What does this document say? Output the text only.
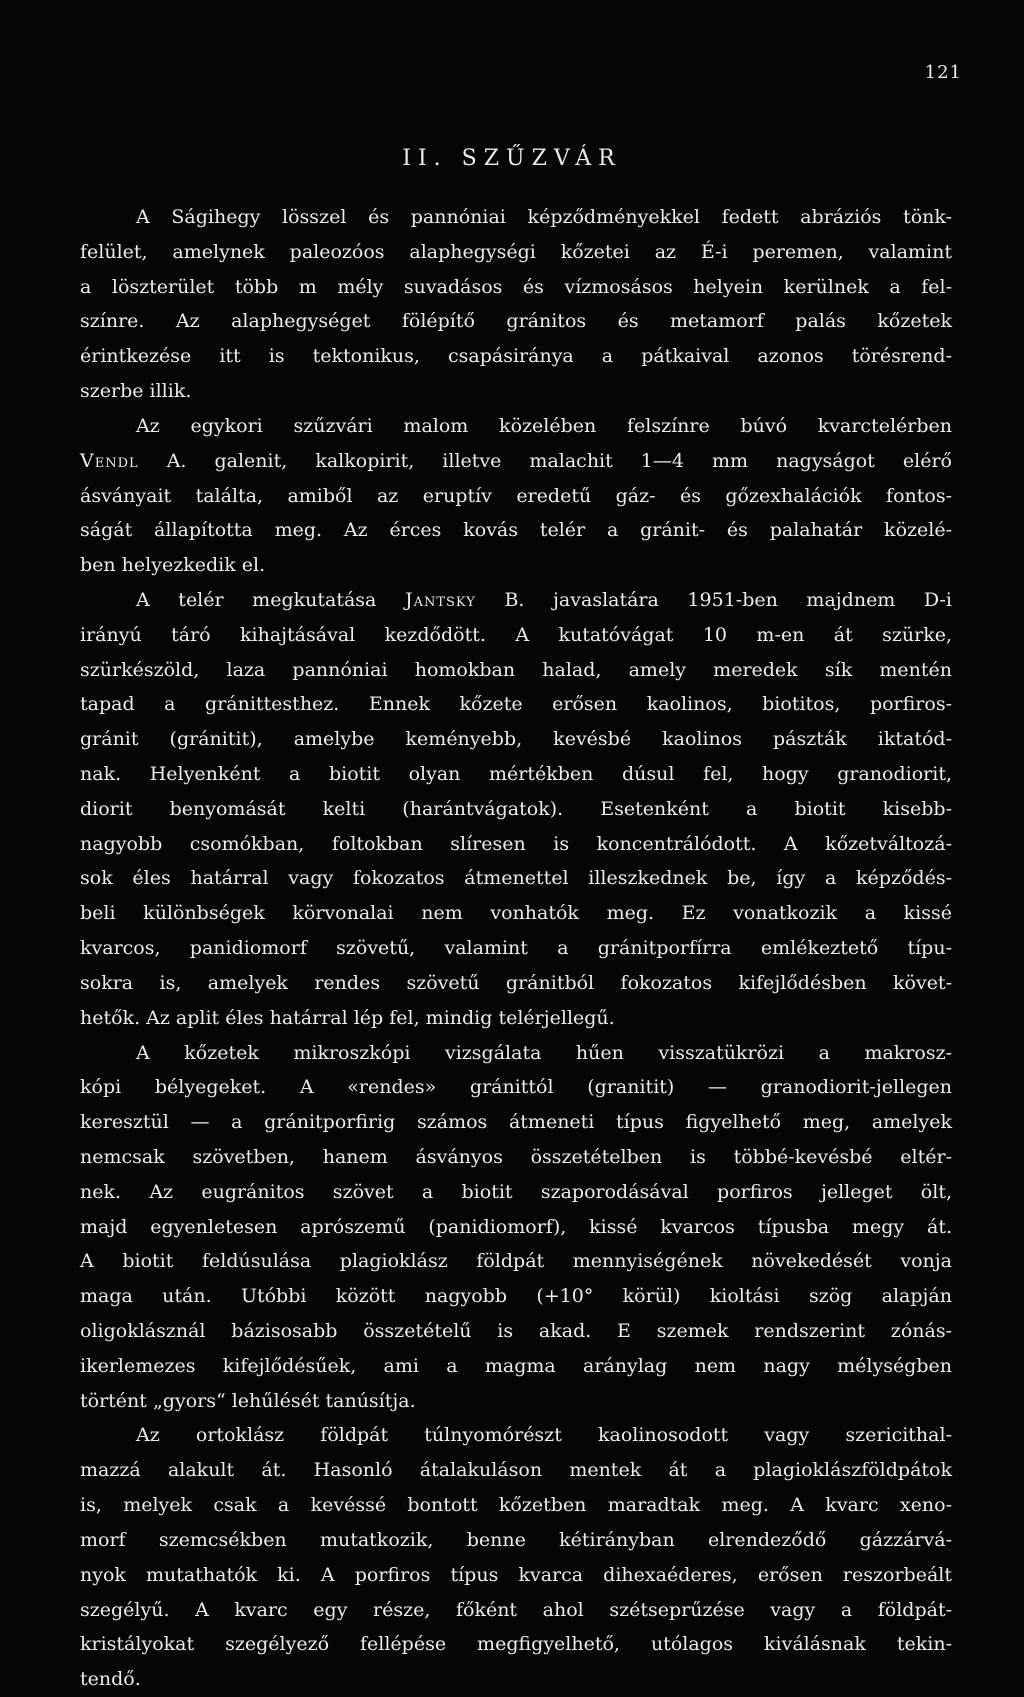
121
II. SZŰZVÁR
A Ságihegy lösszel és pannóniai képződményekkel fedett abráziós tönk-
felület, amelynek paleozóos alaphegységi kőzetei az É-i peremen, valamint
a löszterület több m mély suvadásos és vízmosásos helyein kerülnek a fel-
színre. Az alaphegységet fölépítő gránitos és metamorf palás kőzetek
érintkezése itt is tektonikus, csapásiránya a pátkaival azonos törésrend-
szerbe illik.
Az egykori szűzvári malom közelében felszínre búvó kvarctelérben
Vendl A. galenit, kalkopirit, illetve malachit 1—4 mm nagyságot elérő
ásványait találta, amiből az eruptív eredetű gáz- és gőzexhalációk fontos-
ságát állapította meg. Az érces kovás telér a gránit- és palahatár közelé-
ben helyezkedik el.
A telér megkutatása Jantsky B. javaslatára 1951-ben majdnem D-i
irányú táró kihajtásával kezdődött. A kutatóvágat 10 m-en át szürke,
szürkészöld, laza pannóniai homokban halad, amely meredek sík mentén
tapad a gránittesthez. Ennek kőzete erősen kaolinos, biotitos, porfiros-
gránit (gránitit), amelybe keményebb, kevésbé kaolinos pászták iktatód-
nak. Helyenként a biotit olyan mértékben dúsul fel, hogy granodiorit,
diorit benyomását kelti (harántvágatok). Esetenként a biotit kisebb-
nagyobb csomókban, foltokban slíresen is koncentrálódott. A kőzetváltozá-
sok éles határral vagy fokozatos átmenettel illeszkednek be, így a képződés-
beli különbségek körvonalai nem vonhatók meg. Ez vonatkozik a kissé
kvarcos, panidiomorf szövetű, valamint a gránitporfírra emlékeztető típu-
sokra is, amelyek rendes szövetű gránitból fokozatos kifejlődésben követ-
hetők. Az aplit éles határral lép fel, mindig telérjellegű.
A kőzetek mikroszkópi vizsgálata hűen visszatükrözi a makrosz-
kópi bélyegeket. A «rendes» gránittól (granitit) — granodiorit-jellegen
keresztül — a gránitporfirig számos átmeneti típus figyelhető meg, amelyek
nemcsak szövetben, hanem ásványos összetételben is többé-kevésbé eltér-
nek. Az eugránitos szövet a biotit szaporodásával porfiros jelleget ölt,
majd egyenletesen aprószemű (panidiomorf), kissé kvarcos típusba megy át.
A biotit feldúsulása plagioklász földpát mennyiségének növekedését vonja
maga után. Utóbbi között nagyobb (+10° körül) kioltási szög alapján
oligoklásznál bázisosabb összetételű is akad. E szemek rendszerint zónás-
ikerlemezes kifejlődésűek, ami a magma aránylag nem nagy mélységben
történt „gyors“ lehűlését tanúsítja.
Az ortoklász földpát túlnyomórészt kaolinosodott vagy szericithal-
mazzá alakult át. Hasonló átalakuláson mentek át a plagioklászföldpátok
is, melyek csak a kevéssé bontott kőzetben maradtak meg. A kvarc xeno-
morf szemcsékben mutatkozik, benne kétirányban elrendeződő gázzárvá-
nyok mutathatók ki. A porfiros típus kvarca dihexaéderes, erősen reszorbeált
szegélyű. A kvarc egy része, főként ahol szétseprűzése vagy a földpát-
kristályokat szegélyező fellépése megfigyelhető, utólagos kiválásnak tekin-
tendő.
